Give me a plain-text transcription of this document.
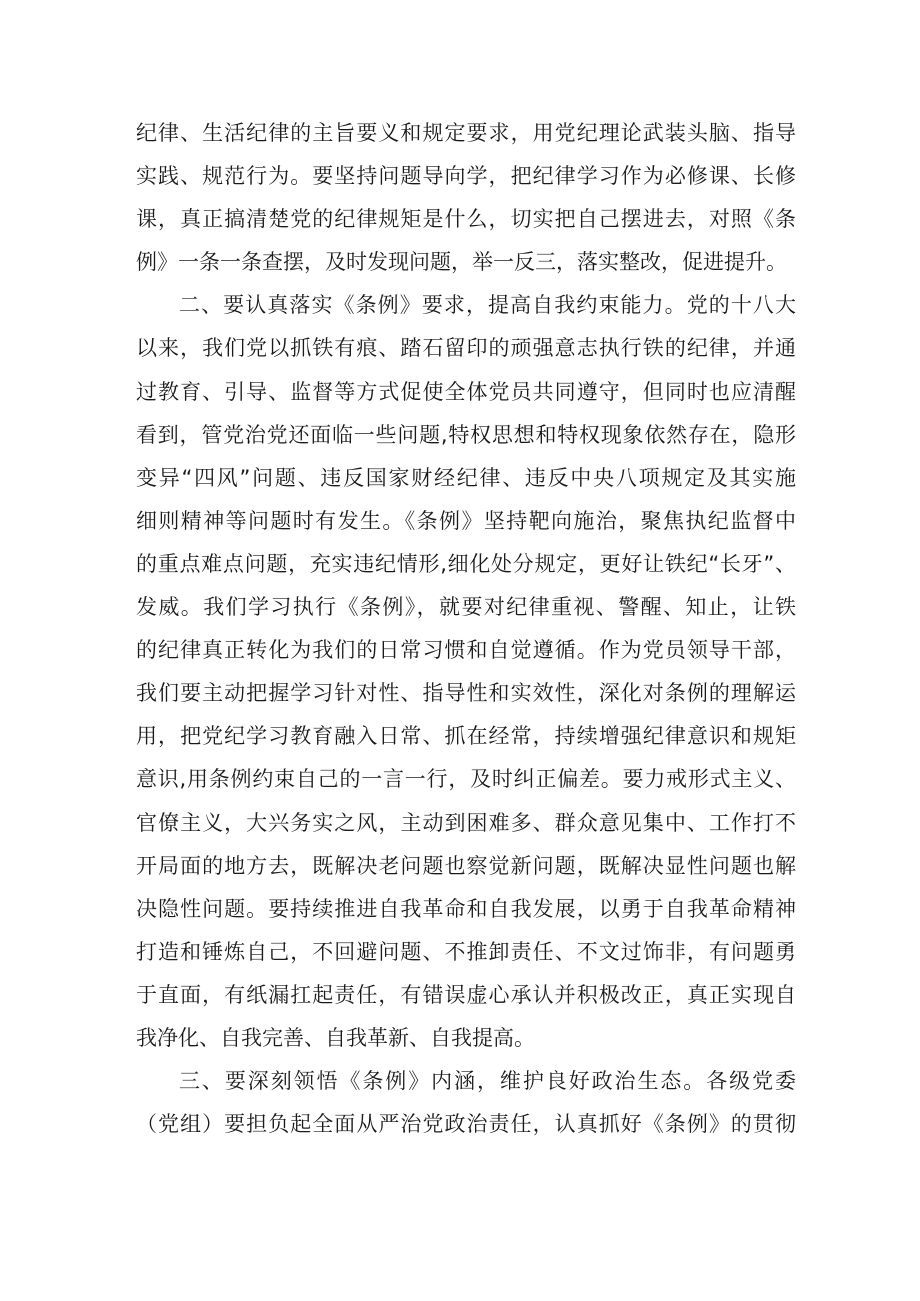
纪律、生活纪律的主旨要义和规定要求，用党纪理论武装头脑、指导
实践、规范行为。要坚持问题导向学，把纪律学习作为必修课、长修
课，真正搞清楚党的纪律规矩是什么，切实把自己摆进去，对照《条
例》一条一条查摆，及时发现问题，举一反三，落实整改，促进提升。
二、要认真落实《条例》要求，提高自我约束能力。党的十八大
以来，我们党以抓铁有痕、踏石留印的顽强意志执行铁的纪律，并通
过教育、引导、监督等方式促使全体党员共同遵守，但同时也应清醒
看到，管党治党还面临一些问题,特权思想和特权现象依然存在，隐形
变异“四风”问题、违反国家财经纪律、违反中央八项规定及其实施
细则精神等问题时有发生。《条例》坚持靶向施治，聚焦执纪监督中
的重点难点问题，充实违纪情形,细化处分规定，更好让铁纪“长牙”、
发威。我们学习执行《条例》，就要对纪律重视、警醒、知止，让铁
的纪律真正转化为我们的日常习惯和自觉遵循。作为党员领导干部，
我们要主动把握学习针对性、指导性和实效性，深化对条例的理解运
用，把党纪学习教育融入日常、抓在经常，持续增强纪律意识和规矩
意识,用条例约束自己的一言一行，及时纠正偏差。要力戒形式主义、
官僚主义，大兴务实之风，主动到困难多、群众意见集中、工作打不
开局面的地方去，既解决老问题也察觉新问题，既解决显性问题也解
决隐性问题。要持续推进自我革命和自我发展，以勇于自我革命精神
打造和锤炼自己，不回避问题、不推卸责任、不文过饰非，有问题勇
于直面，有纸漏扛起责任，有错误虚心承认并积极改正，真正实现自
我净化、自我完善、自我革新、自我提高。
三、要深刻领悟《条例》内涵，维护良好政治生态。各级党委
（党组）要担负起全面从严治党政治责任，认真抓好《条例》的贯彻
